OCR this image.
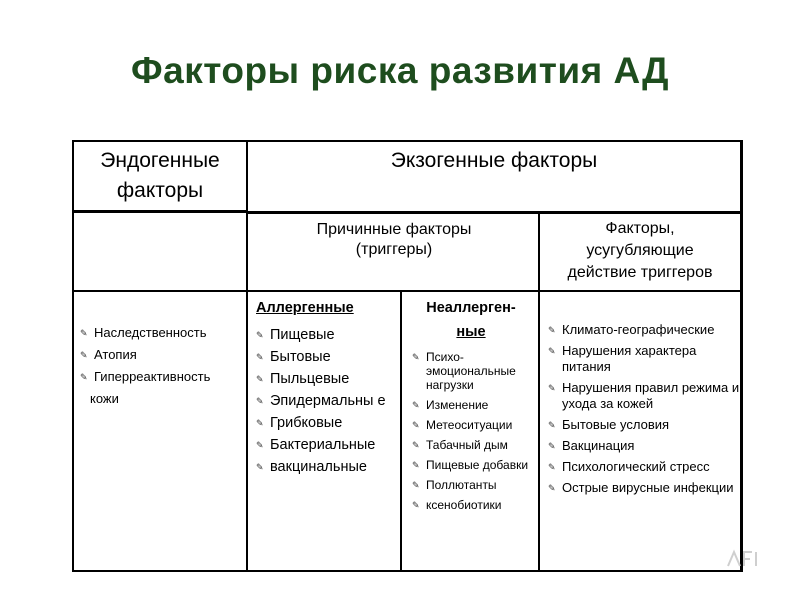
Факторы риска развития АД
Эндогенные
факторы
Экзогенные факторы
Причинные факторы
(триггеры)
Факторы,
усугубляющие
действие триггеров
✎ Наследственность
✎ Атопия
✎ Гиперреактивность
кожи
Аллергенные
✎ Пищевые
✎ Бытовые
✎ Пыльцевые
✎ Эпидермальны е
✎ Грибковые
✎ Бактериальные
✎ вакцинальные
Неаллерген-
ные
✎ Психо-эмоциональные нагрузки
✎ Изменение
✎ Метеоситуации
✎ Табачный дым
✎ Пищевые добавки
✎ Поллютанты
✎ ксенобиотики
✎ Климато-географические
✎ Нарушения характера питания
✎ Нарушения правил режима и ухода за кожей
✎ Бытовые условия
✎ Вакцинация
✎ Психологический стресс
✎ Острые вирусные инфекции
